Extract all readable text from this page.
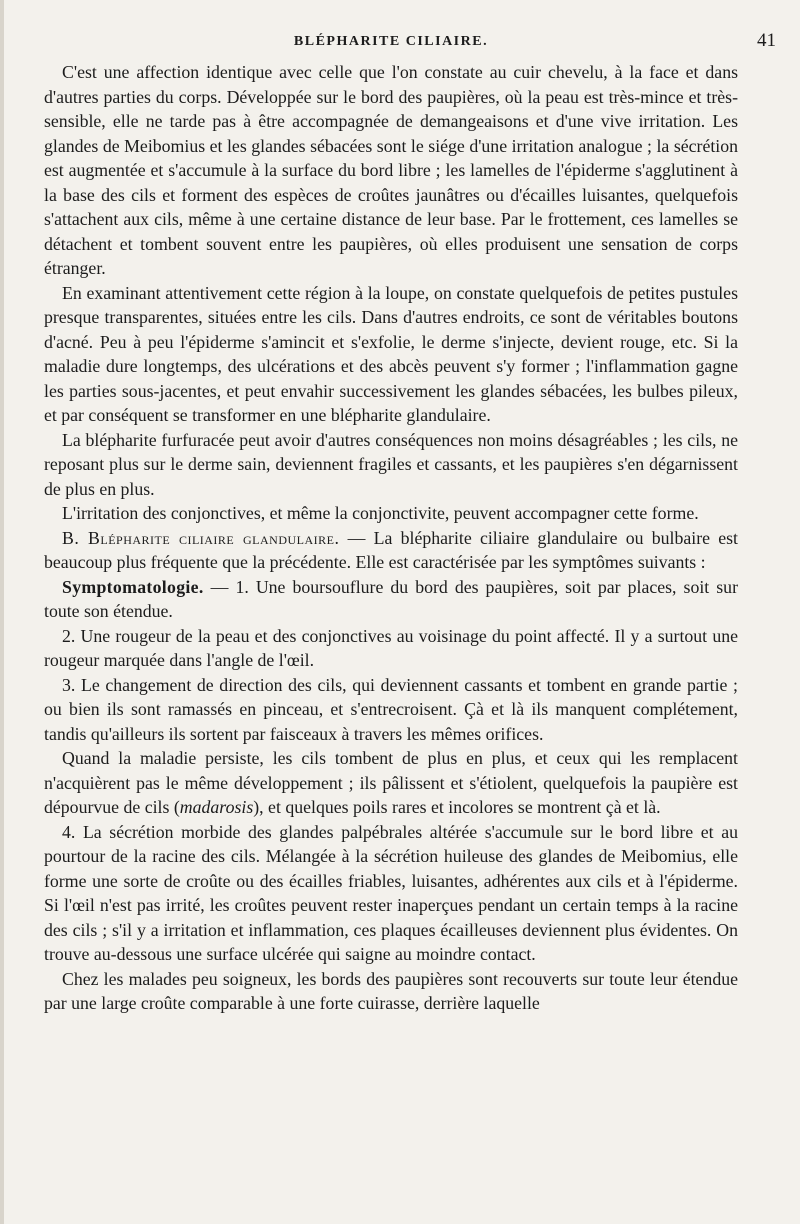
BLÉPHARITE CILIAIRE.	41

C'est une affection identique avec celle que l'on constate au cuir chevelu, à la face et dans d'autres parties du corps. Développée sur le bord des paupières, où la peau est très-mince et très-sensible, elle ne tarde pas à être accompagnée de demangeaisons et d'une vive irritation. Les glandes de Meibomius et les glandes sébacées sont le siége d'une irritation analogue ; la sécrétion est augmentée et s'accumule à la surface du bord libre ; les lamelles de l'épiderme s'agglutinent à la base des cils et forment des espèces de croûtes jaunâtres ou d'écailles luisantes, quelquefois s'attachent aux cils, même à une certaine distance de leur base. Par le frottement, ces lamelles se détachent et tombent souvent entre les paupières, où elles produisent une sensation de corps étranger.

En examinant attentivement cette région à la loupe, on constate quelquefois de petites pustules presque transparentes, situées entre les cils. Dans d'autres endroits, ce sont de véritables boutons d'acné. Peu à peu l'épiderme s'amincit et s'exfolie, le derme s'injecte, devient rouge, etc. Si la maladie dure longtemps, des ulcérations et des abcès peuvent s'y former ; l'inflammation gagne les parties sous-jacentes, et peut envahir successivement les glandes sébacées, les bulbes pileux, et par conséquent se transformer en une blépharite glandulaire.

La blépharite furfuracée peut avoir d'autres conséquences non moins désagréables ; les cils, ne reposant plus sur le derme sain, deviennent fragiles et cassants, et les paupières s'en dégarnissent de plus en plus.

L'irritation des conjonctives, et même la conjonctivite, peuvent accompagner cette forme.

B. Blépharite ciliaire glandulaire. — La blépharite ciliaire glandulaire ou bulbaire est beaucoup plus fréquente que la précédente. Elle est caractérisée par les symptômes suivants :

Symptomatologie. — 1. Une boursouflure du bord des paupières, soit par places, soit sur toute son étendue.

2. Une rougeur de la peau et des conjonctives au voisinage du point affecté. Il y a surtout une rougeur marquée dans l'angle de l'œil.

3. Le changement de direction des cils, qui deviennent cassants et tombent en grande partie ; ou bien ils sont ramassés en pinceau, et s'entrecroisent. Çà et là ils manquent complétement, tandis qu'ailleurs ils sortent par faisceaux à travers les mêmes orifices.

Quand la maladie persiste, les cils tombent de plus en plus, et ceux qui les remplacent n'acquièrent pas le même développement ; ils pâlissent et s'étiolent, quelquefois la paupière est dépourvue de cils (madarosis), et quelques poils rares et incolores se montrent çà et là.

4. La sécrétion morbide des glandes palpébrales altérée s'accumule sur le bord libre et au pourtour de la racine des cils. Mélangée à la sécrétion huileuse des glandes de Meibomius, elle forme une sorte de croûte ou des écailles friables, luisantes, adhérentes aux cils et à l'épiderme. Si l'œil n'est pas irrité, les croûtes peuvent rester inaperçues pendant un certain temps à la racine des cils ; s'il y a irritation et inflammation, ces plaques écailleuses deviennent plus évidentes. On trouve au-dessous une surface ulcérée qui saigne au moindre contact.

Chez les malades peu soigneux, les bords des paupières sont recouverts sur toute leur étendue par une large croûte comparable à une forte cuirasse, derrière laquelle
